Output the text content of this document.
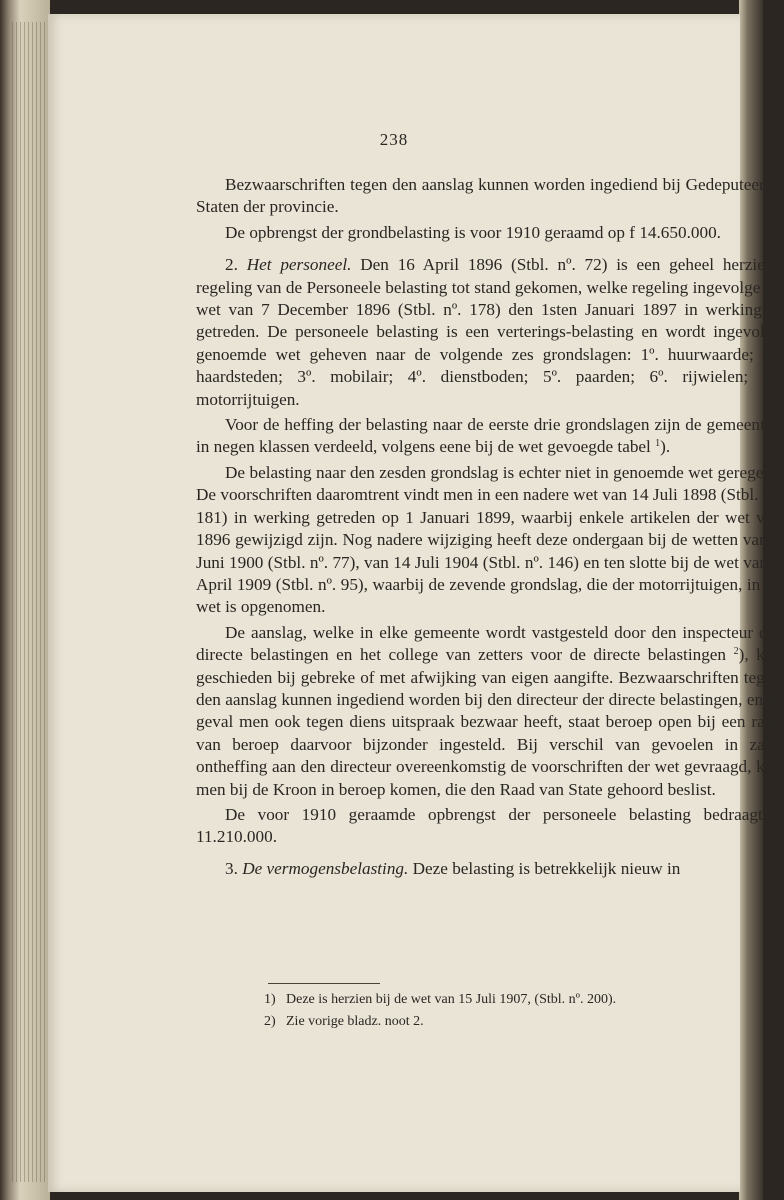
238

Bezwaarschriften tegen den aanslag kunnen worden ingediend bij Gedeputeerde Staten der provincie.

De opbrengst der grondbelasting is voor 1910 geraamd op f 14.650.000.

2. Het personeel. Den 16 April 1896 (Stbl. nº. 72) is een geheel herziene regeling van de Personeele belasting tot stand gekomen, welke regeling ingevolge de wet van 7 December 1896 (Stbl. nº. 178) den 1sten Januari 1897 in werking is getreden. De personeele belasting is een verterings-belasting en wordt ingevolge genoemde wet geheven naar de volgende zes grondslagen: 1º. huurwaarde; 2º. haardsteden; 3º. mobilair; 4º. dienstboden; 5º. paarden; 6º. rijwielen; 7º. motorrijtuigen.

Voor de heffing der belasting naar de eerste drie grondslagen zijn de gemeenten in negen klassen verdeeld, volgens eene bij de wet gevoegde tabel $^1$).

De belasting naar den zesden grondslag is echter niet in genoemde wet geregeld. De voorschriften daaromtrent vindt men in een nadere wet van 14 Juli 1898 (Stbl. nº. 181) in werking getreden op 1 Januari 1899, waarbij enkele artikelen der wet van 1896 gewijzigd zijn. Nog nadere wijziging heeft deze ondergaan bij de wetten van 2 Juni 1900 (Stbl. nº. 77), van 14 Juli 1904 (Stbl. nº. 146) en ten slotte bij de wet van 3 April 1909 (Stbl. nº. 95), waarbij de zevende grondslag, die der motorrijtuigen, in de wet is opgenomen.

De aanslag, welke in elke gemeente wordt vastgesteld door den inspecteur der directe belastingen en het college van zetters voor de directe belastingen $^2$), kan geschieden bij gebreke of met afwijking van eigen aangifte. Bezwaarschriften tegen den aanslag kunnen ingediend worden bij den directeur der directe belastingen, en in geval men ook tegen diens uitspraak bezwaar heeft, staat beroep open bij een raad van beroep daarvoor bijzonder ingesteld. Bij verschil van gevoelen in zake ontheffing aan den directeur overeenkomstig de voorschriften der wet gevraagd, kan men bij de Kroon in beroep komen, die den Raad van State gehoord beslist.

De voor 1910 geraamde opbrengst der personeele belasting bedraagt f 11.210.000.

3. De vermogensbelasting. Deze belasting is betrekkelijk nieuw in

1) Deze is herzien bij de wet van 15 Juli 1907, (Stbl. nº. 200).
2) Zie vorige bladz. noot 2.
